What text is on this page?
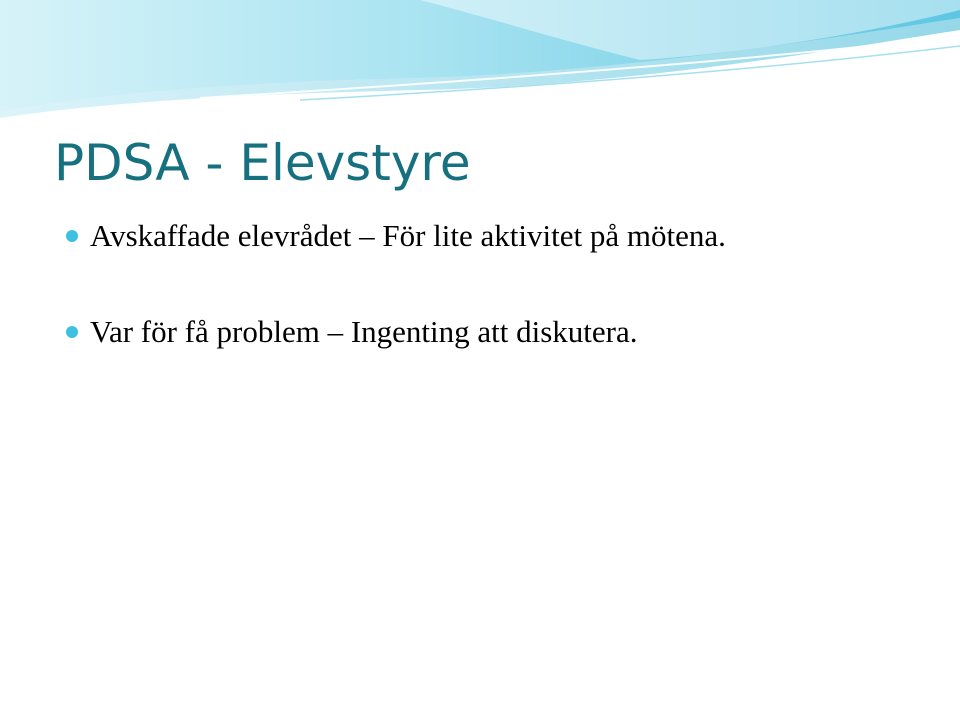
PDSA - Elevstyre
Avskaffade elevrådet – För lite aktivitet på mötena.
Var för få problem – Ingenting att diskutera.
